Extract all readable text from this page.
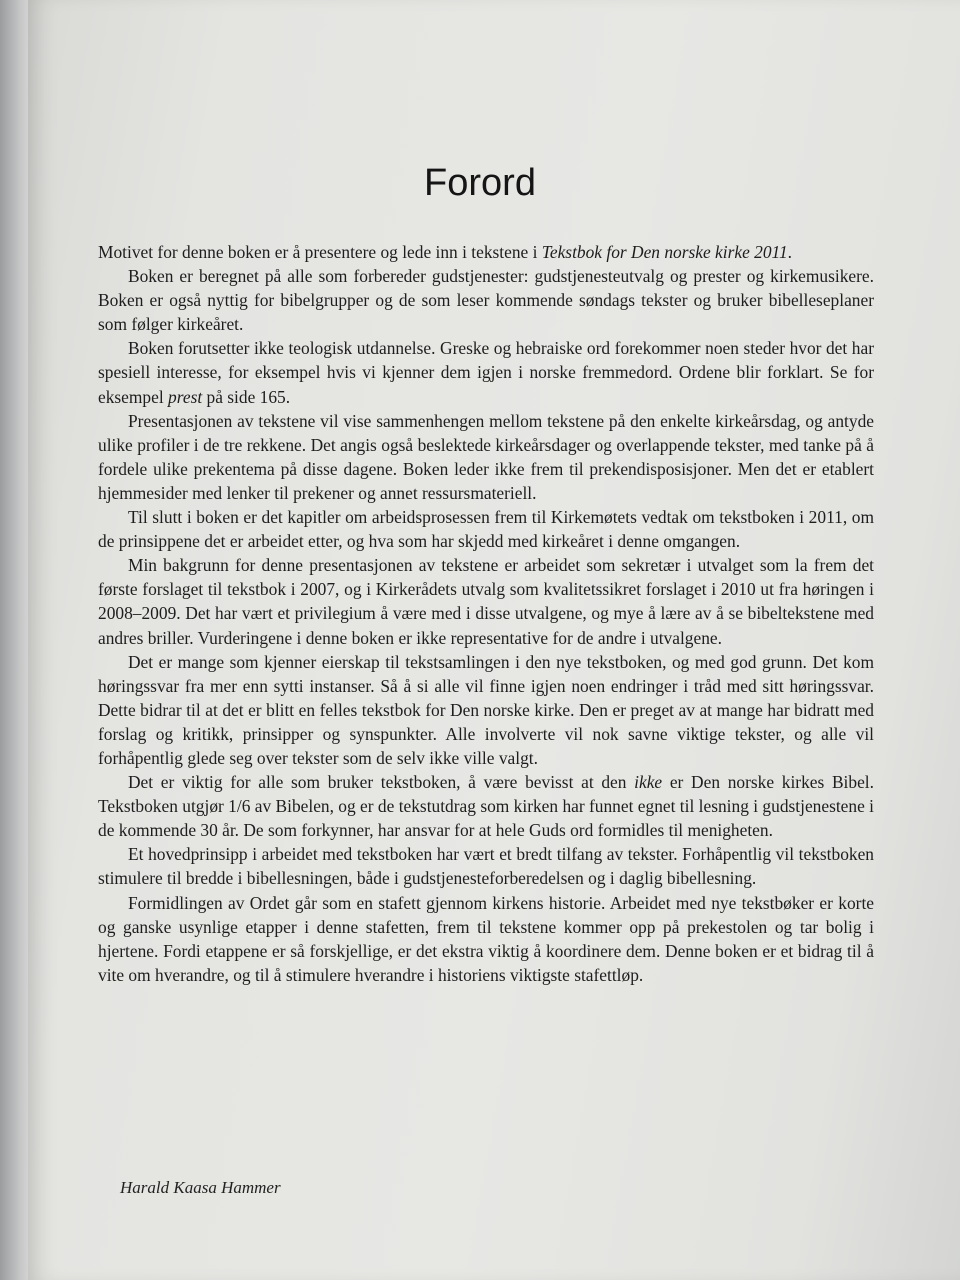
Forord

Motivet for denne boken er å presentere og lede inn i tekstene i Tekstbok for Den norske kirke 2011.

Boken er beregnet på alle som forbereder gudstjenester: gudstjenesteutvalg og prester og kirkemusikere. Boken er også nyttig for bibelgrupper og de som leser kommende søndags tekster og bruker bibelleseplaner som følger kirkeåret.

Boken forutsetter ikke teologisk utdannelse. Greske og hebraiske ord forekommer noen steder hvor det har spesiell interesse, for eksempel hvis vi kjenner dem igjen i norske fremmedord. Ordene blir forklart. Se for eksempel prest på side 165.

Presentasjonen av tekstene vil vise sammenhengen mellom tekstene på den enkelte kirkeårsdag, og antyde ulike profiler i de tre rekkene. Det angis også beslektede kirkeårsdager og overlappende tekster, med tanke på å fordele ulike prekentema på disse dagene. Boken leder ikke frem til prekendisposisjoner. Men det er etablert hjemmesider med lenker til prekener og annet ressursmateriell.

Til slutt i boken er det kapitler om arbeidsprosessen frem til Kirkemøtets vedtak om tekstboken i 2011, om de prinsippene det er arbeidet etter, og hva som har skjedd med kirkeåret i denne omgangen.

Min bakgrunn for denne presentasjonen av tekstene er arbeidet som sekretær i utvalget som la frem det første forslaget til tekstbok i 2007, og i Kirkerådets utvalg som kvalitetssikret forslaget i 2010 ut fra høringen i 2008–2009. Det har vært et privilegium å være med i disse utvalgene, og mye å lære av å se bibeltekstene med andres briller. Vurderingene i denne boken er ikke representative for de andre i utvalgene.

Det er mange som kjenner eierskap til tekstsamlingen i den nye tekstboken, og med god grunn. Det kom høringssvar fra mer enn sytti instanser. Så å si alle vil finne igjen noen endringer i tråd med sitt høringssvar. Dette bidrar til at det er blitt en felles tekstbok for Den norske kirke. Den er preget av at mange har bidratt med forslag og kritikk, prinsipper og synspunkter. Alle involverte vil nok savne viktige tekster, og alle vil forhåpentlig glede seg over tekster som de selv ikke ville valgt.

Det er viktig for alle som bruker tekstboken, å være bevisst at den ikke er Den norske kirkes Bibel. Tekstboken utgjør 1/6 av Bibelen, og er de tekstutdrag som kirken har funnet egnet til lesning i gudstjenestene i de kommende 30 år. De som forkynner, har ansvar for at hele Guds ord formidles til menigheten.

Et hovedprinsipp i arbeidet med tekstboken har vært et bredt tilfang av tekster. Forhåpentlig vil tekstboken stimulere til bredde i bibellesningen, både i gudstjenesteforberedelsen og i daglig bibellesning.

Formidlingen av Ordet går som en stafett gjennom kirkens historie. Arbeidet med nye tekstbøker er korte og ganske usynlige etapper i denne stafetten, frem til tekstene kommer opp på prekestolen og tar bolig i hjertene. Fordi etappene er så forskjellige, er det ekstra viktig å koordinere dem. Denne boken er et bidrag til å vite om hverandre, og til å stimulere hverandre i historiens viktigste stafettløp.

Harald Kaasa Hammer
